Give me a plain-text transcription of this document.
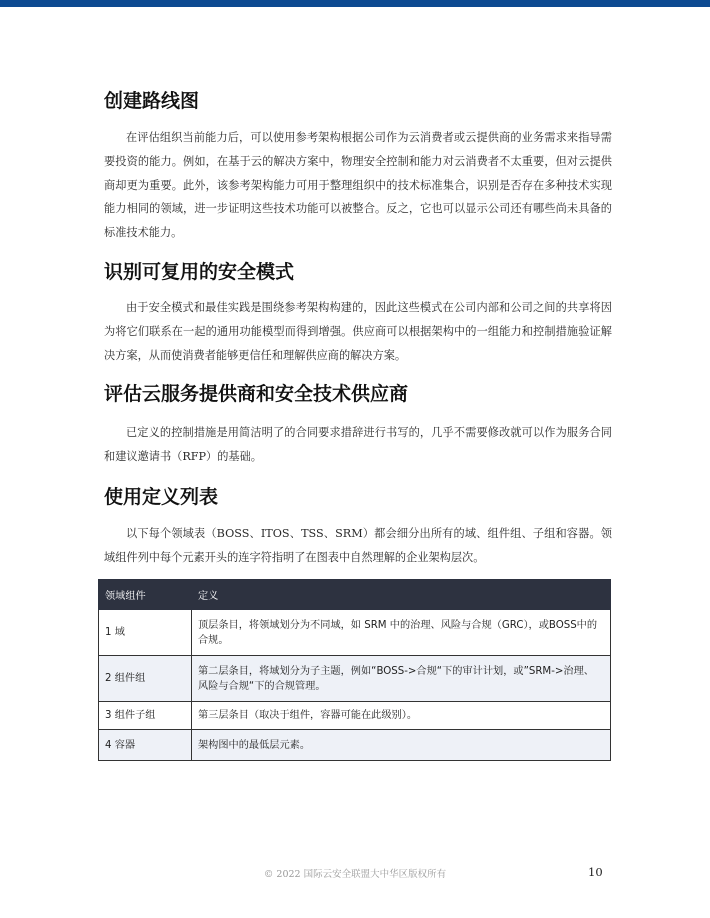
创建路线图

在评估组织当前能力后，可以使用参考架构根据公司作为云消费者或云提供商的业务需求来指导需要投资的能力。例如，在基于云的解决方案中，物理安全控制和能力对云消费者不太重要，但对云提供商却更为重要。此外，该参考架构能力可用于整理组织中的技术标准集合，识别是否存在多种技术实现能力相同的领域，进一步证明这些技术功能可以被整合。反之，它也可以显示公司还有哪些尚未具备的标准技术能力。

识别可复用的安全模式

由于安全模式和最佳实践是围绕参考架构构建的，因此这些模式在公司内部和公司之间的共享将因为将它们联系在一起的通用功能模型而得到增强。供应商可以根据架构中的一组能力和控制措施验证解决方案，从而使消费者能够更信任和理解供应商的解决方案。

评估云服务提供商和安全技术供应商

已定义的控制措施是用简洁明了的合同要求措辞进行书写的，几乎不需要修改就可以作为服务合同和建议邀请书（RFP）的基础。

使用定义列表

以下每个领域表（BOSS、ITOS、TSS、SRM）都会细分出所有的域、组件组、子组和容器。领域组件列中每个元素开头的连字符指明了在图表中自然理解的企业架构层次。

领域组件	定义
1 域	顶层条目，将领域划分为不同域，如 SRM 中的治理、风险与合规（GRC），或BOSS中的合规。
2 组件组	第二层条目，将域划分为子主题，例如“BOSS->合规“下的审计计划，或”SRM->治理、风险与合规“下的合规管理。
3 组件子组	第三层条目（取决于组件，容器可能在此级别）。
4 容器	架构图中的最低层元素。
© 2022 国际云安全联盟大中华区版权所有	10
